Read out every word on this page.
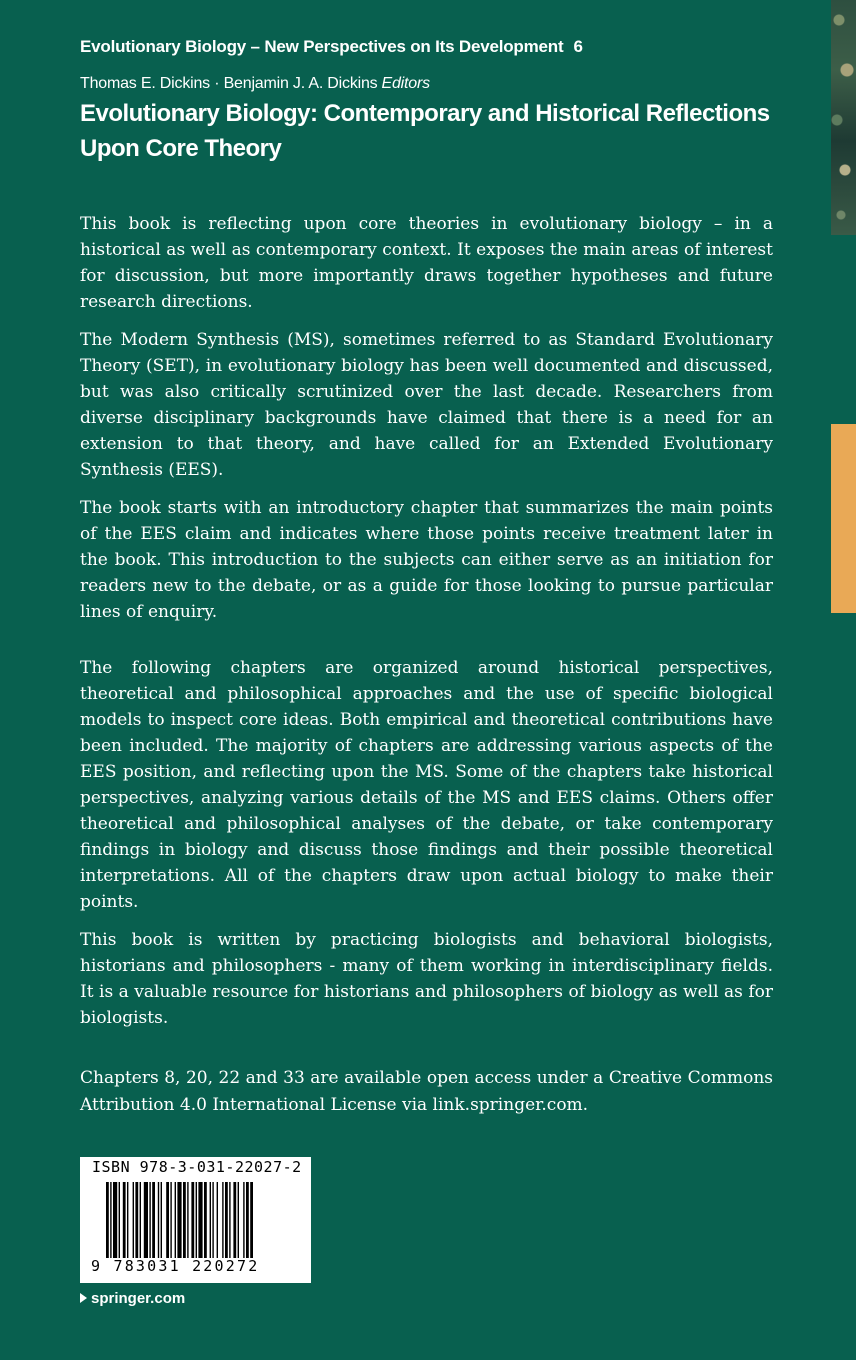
Evolutionary Biology – New Perspectives on Its Development 6
Thomas E. Dickins · Benjamin J. A. Dickins Editors
Evolutionary Biology: Contemporary and Historical Reflections Upon Core Theory

This book is reflecting upon core theories in evolutionary biology – in a historical as well as contemporary context. It exposes the main areas of interest for discussion, but more importantly draws together hypotheses and future research directions.

The Modern Synthesis (MS), sometimes referred to as Standard Evolutionary Theory (SET), in evolutionary biology has been well documented and discussed, but was also critically scrutinized over the last decade. Researchers from diverse disciplinary backgrounds have claimed that there is a need for an extension to that theory, and have called for an Extended Evolutionary Synthesis (EES).

The book starts with an introductory chapter that summarizes the main points of the EES claim and indicates where those points receive treatment later in the book. This introduction to the subjects can either serve as an initiation for readers new to the debate, or as a guide for those looking to pursue particular lines of enquiry.

The following chapters are organized around historical perspectives, theoretical and philosophical approaches and the use of specific biological models to inspect core ideas. Both empirical and theoretical contributions have been included. The majority of chapters are addressing various aspects of the EES position, and reflecting upon the MS. Some of the chapters take historical perspectives, analyzing various details of the MS and EES claims. Others offer theoretical and philosophical analyses of the debate, or take contemporary findings in biology and discuss those findings and their possible theoretical interpretations. All of the chapters draw upon actual biology to make their points.

This book is written by practicing biologists and behavioral biologists, historians and philosophers - many of them working in interdisciplinary fields. It is a valuable resource for historians and philosophers of biology as well as for biologists.

Chapters 8, 20, 22 and 33 are available open access under a Creative Commons Attribution 4.0 International License via link.springer.com.
ISBN 978-3-031-22027-2
9 783031 220272
springer.com
